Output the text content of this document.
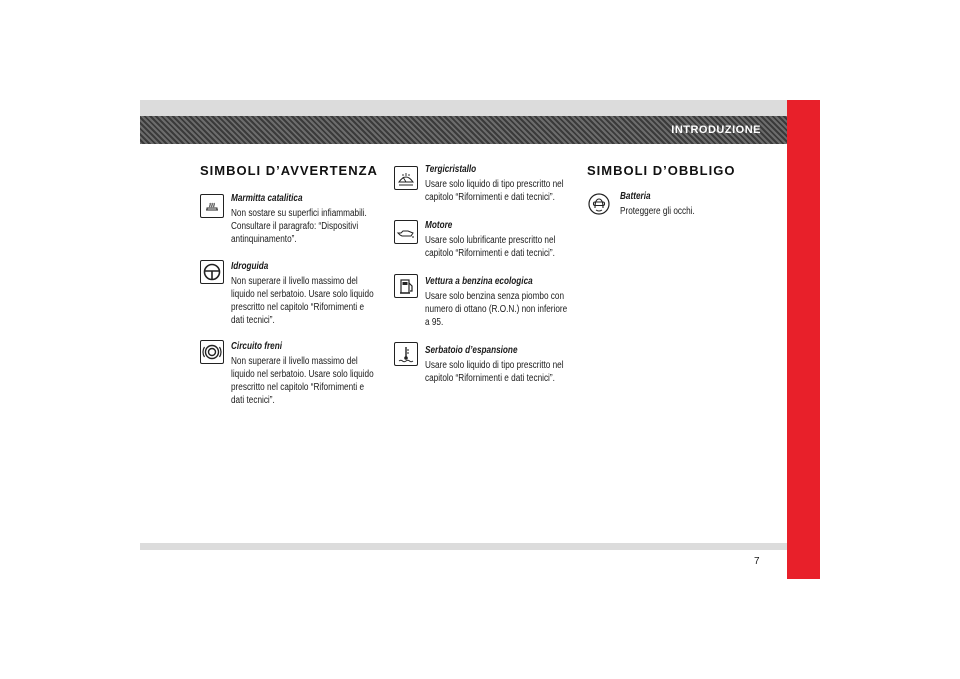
INTRODUZIONE
SIMBOLI D’AVVERTENZA
Marmitta catalitica
Non sostare su superfici infiammabili. Consultare il paragrafo: “Dispositivi antinquinamento”.
Idroguida
Non superare il livello massimo del liquido nel serbatoio. Usare solo liquido prescritto nel capitolo “Rifornimenti e dati tecnici”.
Circuito freni
Non superare il livello massimo del liquido nel serbatoio. Usare solo liquido prescritto nel capitolo “Rifornimenti e dati tecnici”.
Tergicristallo
Usare solo liquido di tipo prescritto nel capitolo “Rifornimenti e dati tecnici”.
Motore
Usare solo lubrificante prescritto nel capitolo “Rifornimenti e dati tecnici”.
Vettura a benzina ecologica
Usare solo benzina senza piombo con numero di ottano (R.O.N.) non inferiore a 95.
Serbatoio d’espansione
Usare solo liquido di tipo prescritto nel capitolo “Rifornimenti e dati tecnici”.
SIMBOLI D’OBBLIGO
Batteria
Proteggere gli occhi.
7
